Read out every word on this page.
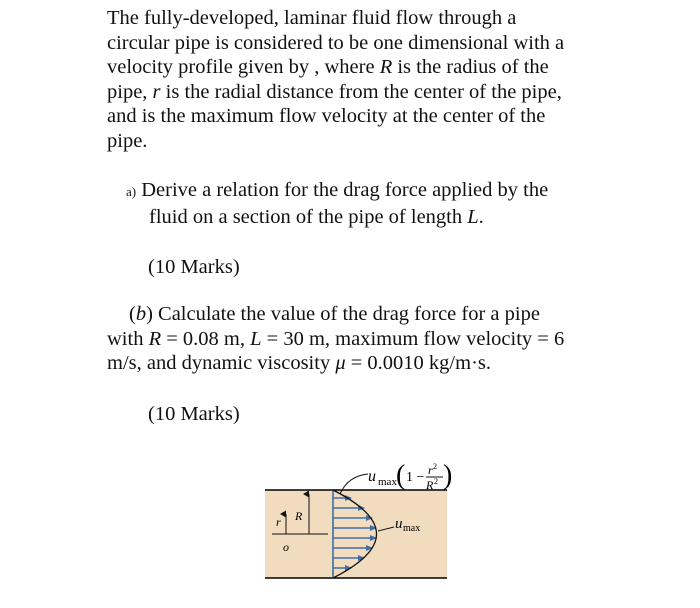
The fully-developed, laminar fluid flow through a
circular pipe is considered to be one dimensional with a
velocity profile given by , where R is the radius of the
pipe, r is the radial distance from the center of the pipe,
and is the maximum flow velocity at the center of the
pipe.

a) Derive a relation for the drag force applied by the
fluid on a section of the pipe of length L.

(10 Marks)

(b) Calculate the value of the drag force for a pipe
with R = 0.08 m, L = 30 m, maximum flow velocity = 6
m/s, and dynamic viscosity μ = 0.0010 kg/m·s.

(10 Marks)

u max ( 1 − r 2
R 2 )
u max
r R
o
